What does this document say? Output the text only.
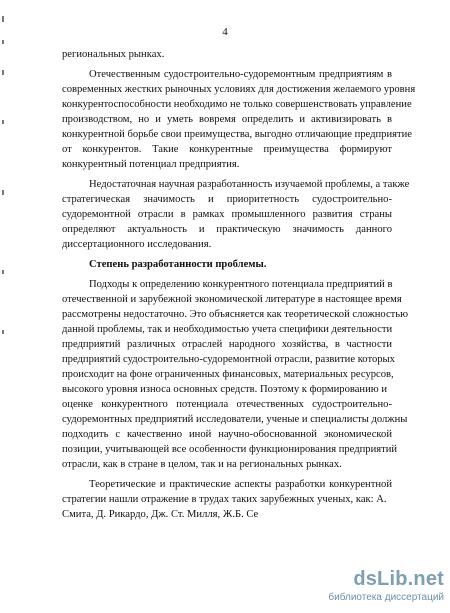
4
региональных рынках.
Отечественным судостроительно-судоремонтным предприятиям в
современных жестких рыночных условиях для достижения желаемого уровня
конкурентоспособности необходимо не только совершенствовать управление
производством, но и уметь вовремя определить и активизировать в
конкурентной борьбе свои преимущества, выгодно отличающие предприятие
от конкурентов. Такие конкурентные преимущества формируют
конкурентный потенциал предприятия.
Недостаточная научная разработанность изучаемой проблемы, а также
стратегическая значимость и приоритетность судостроительно-
судоремонтной отрасли в рамках промышленного развития страны
определяют актуальность и практическую значимость данного
диссертационного исследования.
Степень разработанности проблемы.
Подходы к определению конкурентного потенциала предприятий в
отечественной и зарубежной экономической литературе в настоящее время
рассмотрены недостаточно. Это объясняется как теоретической сложностью
данной проблемы, так и необходимостью учета специфики деятельности
предприятий различных отраслей народного хозяйства, в частности
предприятий судостроительно-судоремонтной отрасли, развитие которых
происходит на фоне ограниченных финансовых, материальных ресурсов,
высокого уровня износа основных средств. Поэтому к формированию и
оценке конкурентного потенциала отечественных судостроительно-
судоремонтных предприятий исследователи, ученые и специалисты должны
подходить с качественно иной научно-обоснованной экономической
позиции, учитывающей все особенности функционирования предприятий
отрасли, как в стране в целом, так и на региональных рынках.
Теоретические и практические аспекты разработки конкурентной
стратегии нашли отражение в трудах таких зарубежных ученых, как: А.
Смита, Д. Рикардо, Дж. Ст. Милля, Ж.Б. Се
dsLib.net
библиотека диссертаций
